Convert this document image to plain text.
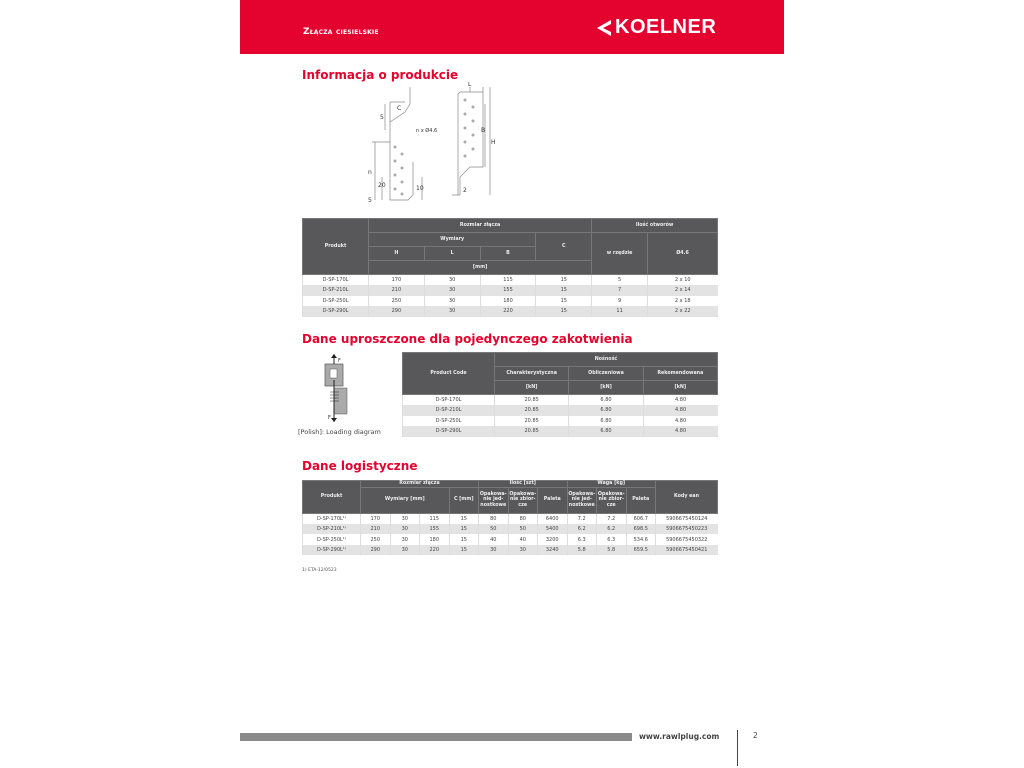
Złącza ciesielskie	KOELNER
Informacja o produkcie
C
5
n x Ø4.6
n
20	10
5
L
B
H
2
Produkt	Rozmiar złącza				Ilość otworów	
	Wymiary			C	w rzędzie	Ø4.6
	H	L	B			
	[mm]					
D-SP-170L	170	30	115	15	5	2 x 10
D-SP-210L	210	30	155	15	7	2 x 14
D-SP-250L	250	30	180	15	9	2 x 18
D-SP-290L	290	30	220	15	11	2 x 22
Dane uproszczone dla pojedynczego zakotwienia
F
F
[Polish]: Loading diagram
Product Code	Nośność		
	Charakterystyczna	Obliczeniowa	Rekomendowana
	[kN]	[kN]	[kN]
D-SP-170L	20.85	6.80	4.80
D-SP-210L	20.85	6.80	4.80
D-SP-250L	20.85	6.80	4.80
D-SP-290L	20.85	6.80	4.80
Dane logistyczne
Produkt	Rozmiar złącza				Ilość [szt]			Waga [kg]			Kody ean
	Wymiary [mm]			C [mm]	Opakowa-nie jed-nostkowe	Opakowa-nie zbior-cze	Paleta	Opakowa-nie jed-nostkowe	Opakowa-nie zbior-cze	Paleta	
D-SP-170L¹⁾	170	30	115	15	80	80	6400	7.2	7.2	606.7	5906675450124
D-SP-210L¹⁾	210	30	155	15	50	50	5400	6.2	6.2	698.5	5906675450223
D-SP-250L¹⁾	250	30	180	15	40	40	3200	6.3	6.3	534.6	5906675450322
D-SP-290L¹⁾	290	30	220	15	30	30	3240	5.8	5.8	659.5	5906675450421
1) ETA-12/0523
www.rawlplug.com	2
